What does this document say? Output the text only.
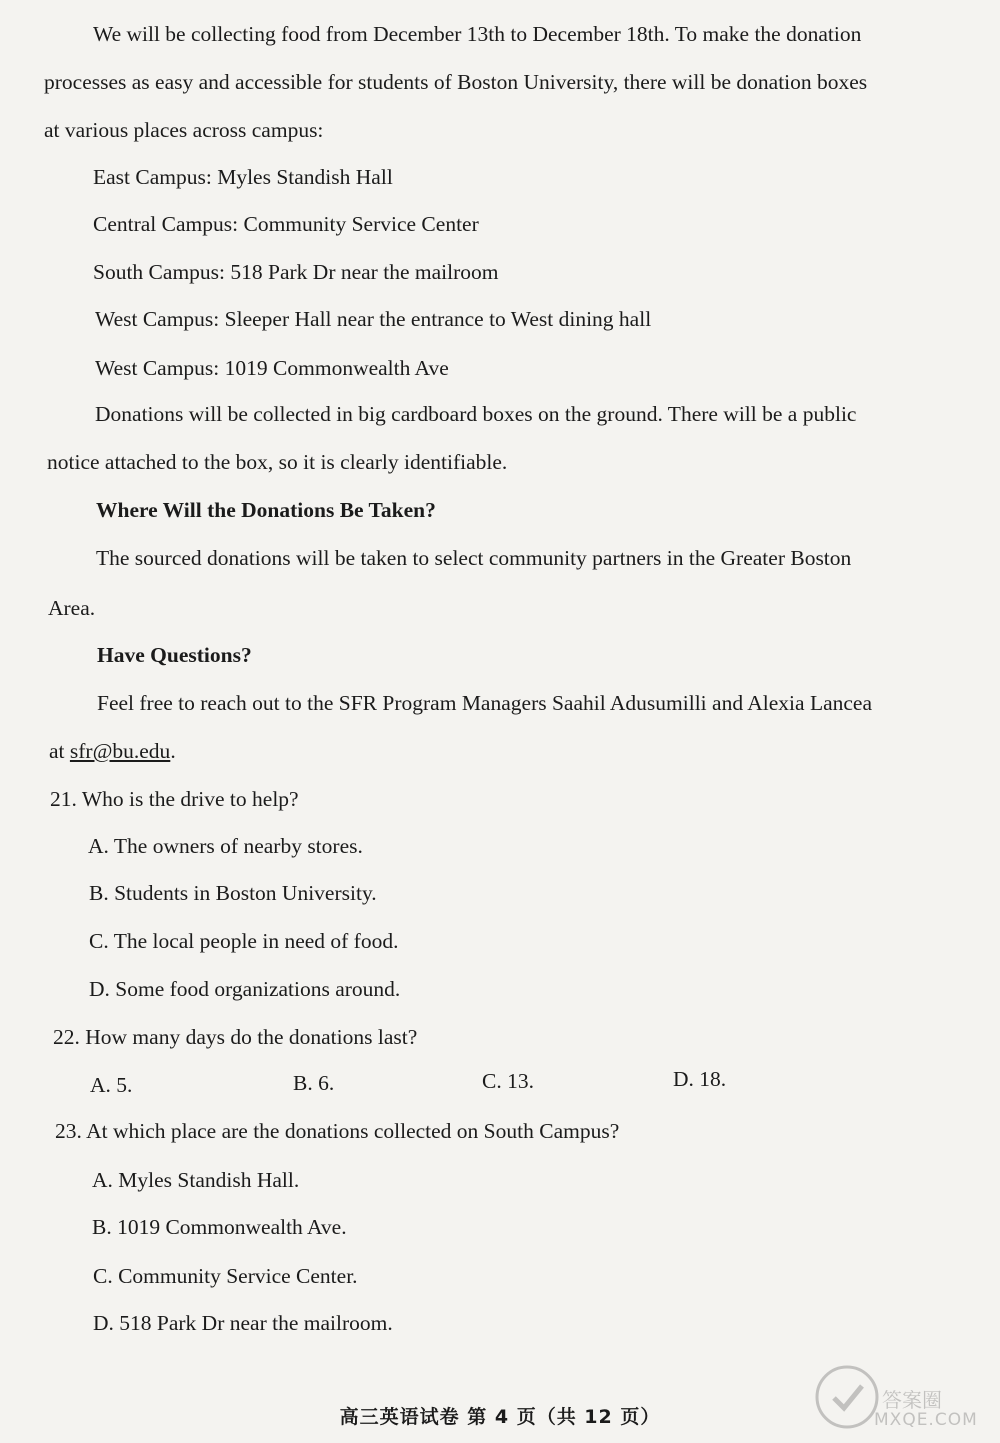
We will be collecting food from December 13th to December 18th. To make the donation
processes as easy and accessible for students of Boston University, there will be donation boxes
at various places across campus:
East Campus: Myles Standish Hall
Central Campus: Community Service Center
South Campus: 518 Park Dr near the mailroom
West Campus: Sleeper Hall near the entrance to West dining hall
West Campus: 1019 Commonwealth Ave
Donations will be collected in big cardboard boxes on the ground. There will be a public
notice attached to the box, so it is clearly identifiable.
Where Will the Donations Be Taken?
The sourced donations will be taken to select community partners in the Greater Boston
Area.
Have Questions?
Feel free to reach out to the SFR Program Managers Saahil Adusumilli and Alexia Lancea
at sfr@bu.edu.
21. Who is the drive to help?
A. The owners of nearby stores.
B. Students in Boston University.
C. The local people in need of food.
D. Some food organizations around.
22. How many days do the donations last?
A. 5.	B. 6.	C. 13.	D. 18.
23. At which place are the donations collected on South Campus?
A. Myles Standish Hall.
B. 1019 Commonwealth Ave.
C. Community Service Center.
D. 518 Park Dr near the mailroom.
高三英语试卷 第 4 页（共 12 页）
答案圈
MXQE.COM
